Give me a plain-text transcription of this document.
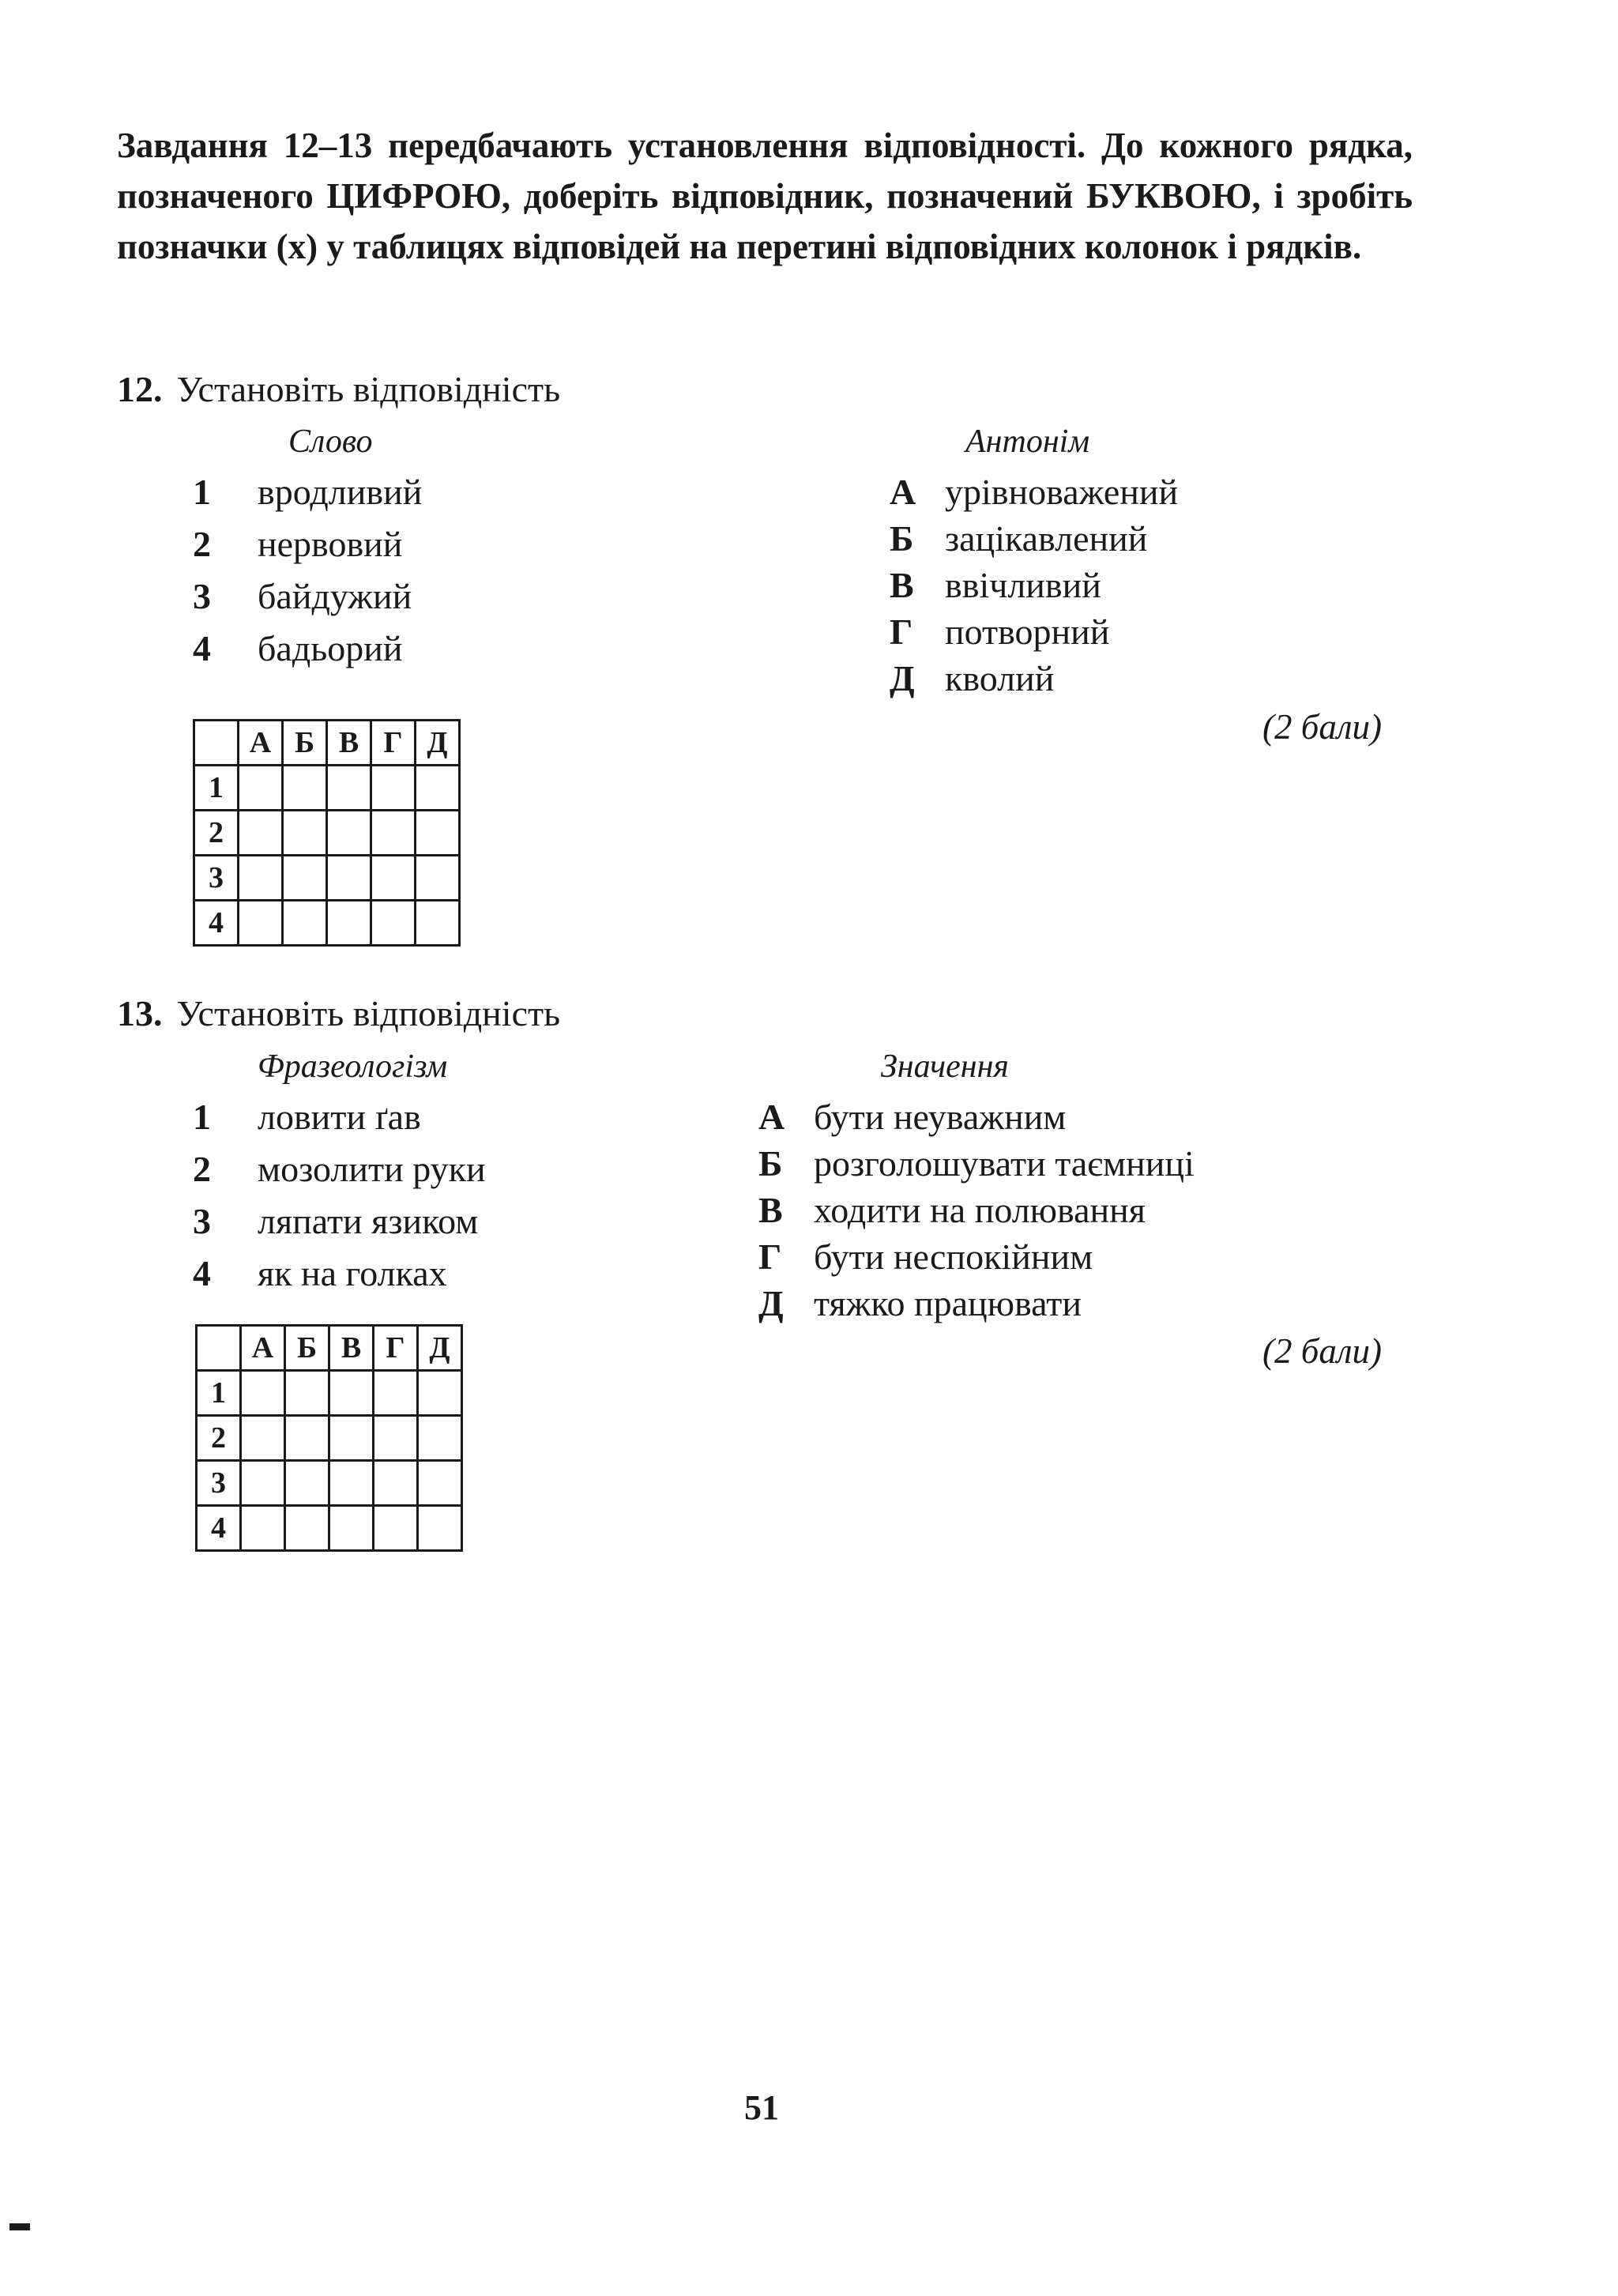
Завдання 12–13 передбачають установлення відповідності. До кожного рядка, позначеного ЦИФРОЮ, доберіть відповідник, позначений БУКВОЮ, і зробіть позначки (х) у таблицях відповідей на перетині відповідних колонок і рядків.
12. Установіть відповідність
Слово	Антонім
1 вродливий
2 нервовий
3 байдужий
4 бадьорий
А урівноважений
Б зацікавлений
В ввічливий
Г потворний
Д кволий
(2 бали)
	А	Б	В	Г	Д
1					
2					
3					
4					
13. Установіть відповідність
Фразеологізм	Значення
1 ловити ґав
2 мозолити руки
3 ляпати язиком
4 як на голках
А бути неуважним
Б розголошувати таємниці
В ходити на полювання
Г бути неспокійним
Д тяжко працювати
(2 бали)
	А	Б	В	Г	Д
1					
2					
3					
4					
51
